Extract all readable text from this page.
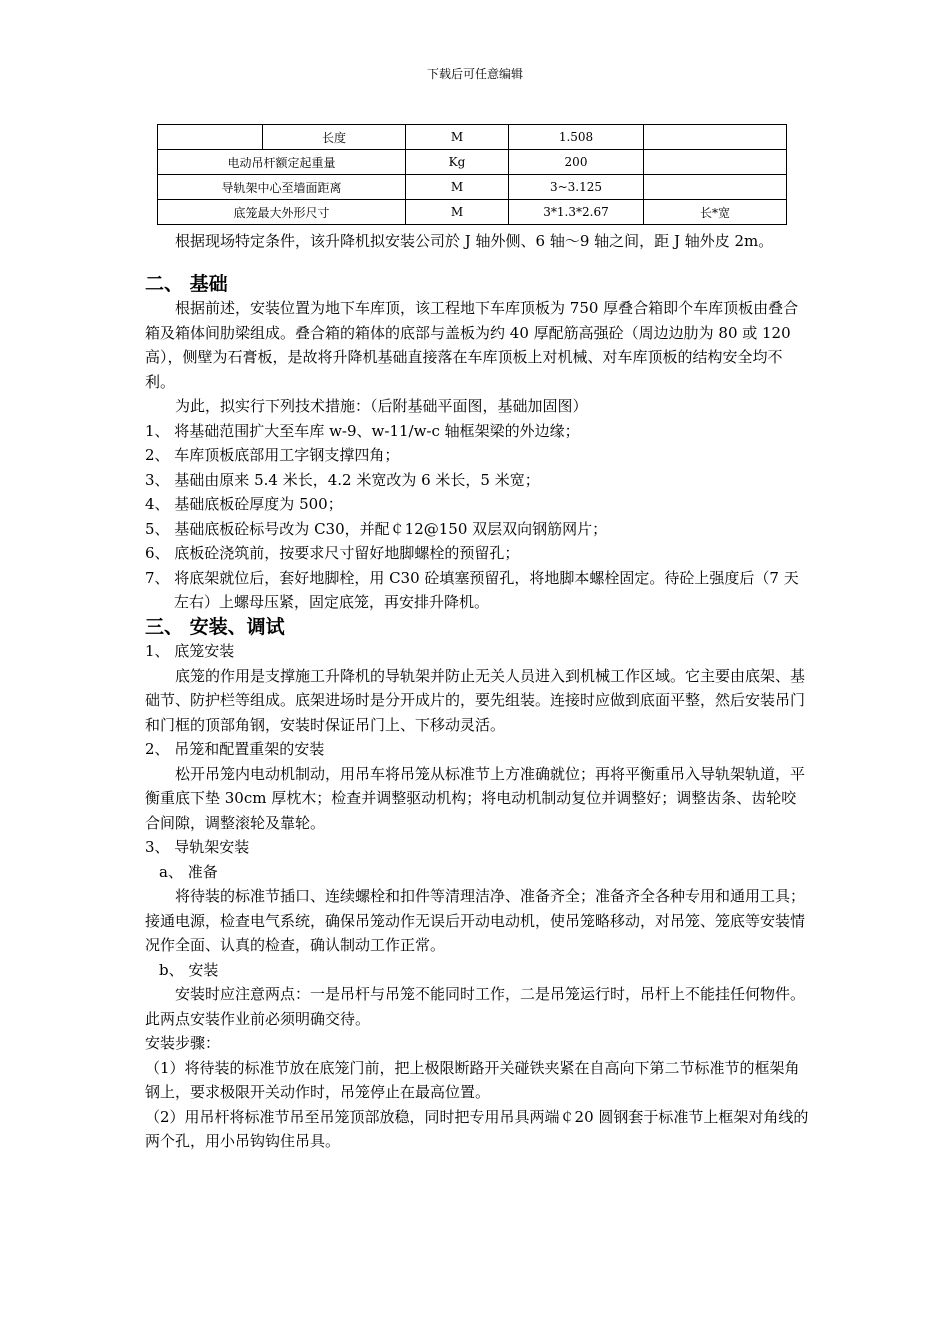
下载后可任意编辑
	长度	M	1.508	
电动吊杆额定起重量		Kg	200	
导轨架中心至墙面距离		M	3~3.125	
底笼最大外形尺寸		M	3*1.3*2.67	长*宽

根据现场特定条件，该升降机拟安装公司於 J 轴外侧、6 轴～9 轴之间，距 J 轴外皮 2m。

二、 基础

根据前述，安装位置为地下车库顶，该工程地下车库顶板为 750 厚叠合箱即个车库顶板由叠合箱及箱体间肋梁组成。叠合箱的箱体的底部与盖板为约 40 厚配筋高强砼（周边边肋为 80 或 120 高），侧壁为石膏板，是故将升降机基础直接落在车库顶板上对机械、对车库顶板的结构安全均不利。

为此，拟实行下列技术措施：（后附基础平面图，基础加固图）

1、 将基础范围扩大至车库 w-9、w-11/w-c 轴框架梁的外边缘；

2、 车库顶板底部用工字钢支撑四角；

3、 基础由原来 5.4 米长，4.2 米宽改为 6 米长，5 米宽；

4、 基础底板砼厚度为 500；

5、 基础底板砼标号改为 C30，并配￠12@150 双层双向钢筋网片；

6、 底板砼浇筑前，按要求尺寸留好地脚螺栓的预留孔；

7、 将底架就位后，套好地脚栓，用 C30 砼填塞预留孔，将地脚本螺栓固定。待砼上强度后（7 天左右）上螺母压紧，固定底笼，再安排升降机。

三、 安装、调试

1、 底笼安装

底笼的作用是支撑施工升降机的导轨架并防止无关人员进入到机械工作区域。它主要由底架、基础节、防护栏等组成。底架进场时是分开成片的，要先组装。连接时应做到底面平整，然后安装吊门和门框的顶部角钢，安装时保证吊门上、下移动灵活。

2、 吊笼和配置重架的安装

松开吊笼内电动机制动，用吊车将吊笼从标准节上方准确就位；再将平衡重吊入导轨架轨道，平衡重底下垫 30cm 厚枕木；检查并调整驱动机构；将电动机制动复位并调整好；调整齿条、齿轮咬合间隙，调整滚轮及靠轮。

3、 导轨架安装

a、 准备

将待装的标准节插口、连续螺栓和扣件等清理洁净、准备齐全；准备齐全各种专用和通用工具；接通电源，检查电气系统，确保吊笼动作无误后开动电动机，使吊笼略移动，对吊笼、笼底等安装情况作全面、认真的检查，确认制动工作正常。

b、 安装

安装时应注意两点：一是吊杆与吊笼不能同时工作，二是吊笼运行时，吊杆上不能挂任何物件。此两点安装作业前必须明确交待。

安装步骤：

（1）将待装的标准节放在底笼门前，把上极限断路开关碰铁夹紧在自高向下第二节标准节的框架角钢上，要求极限开关动作时，吊笼停止在最高位置。

（2）用吊杆将标准节吊至吊笼顶部放稳，同时把专用吊具两端￠20 圆钢套于标准节上框架对角线的两个孔，用小吊钩钩住吊具。
